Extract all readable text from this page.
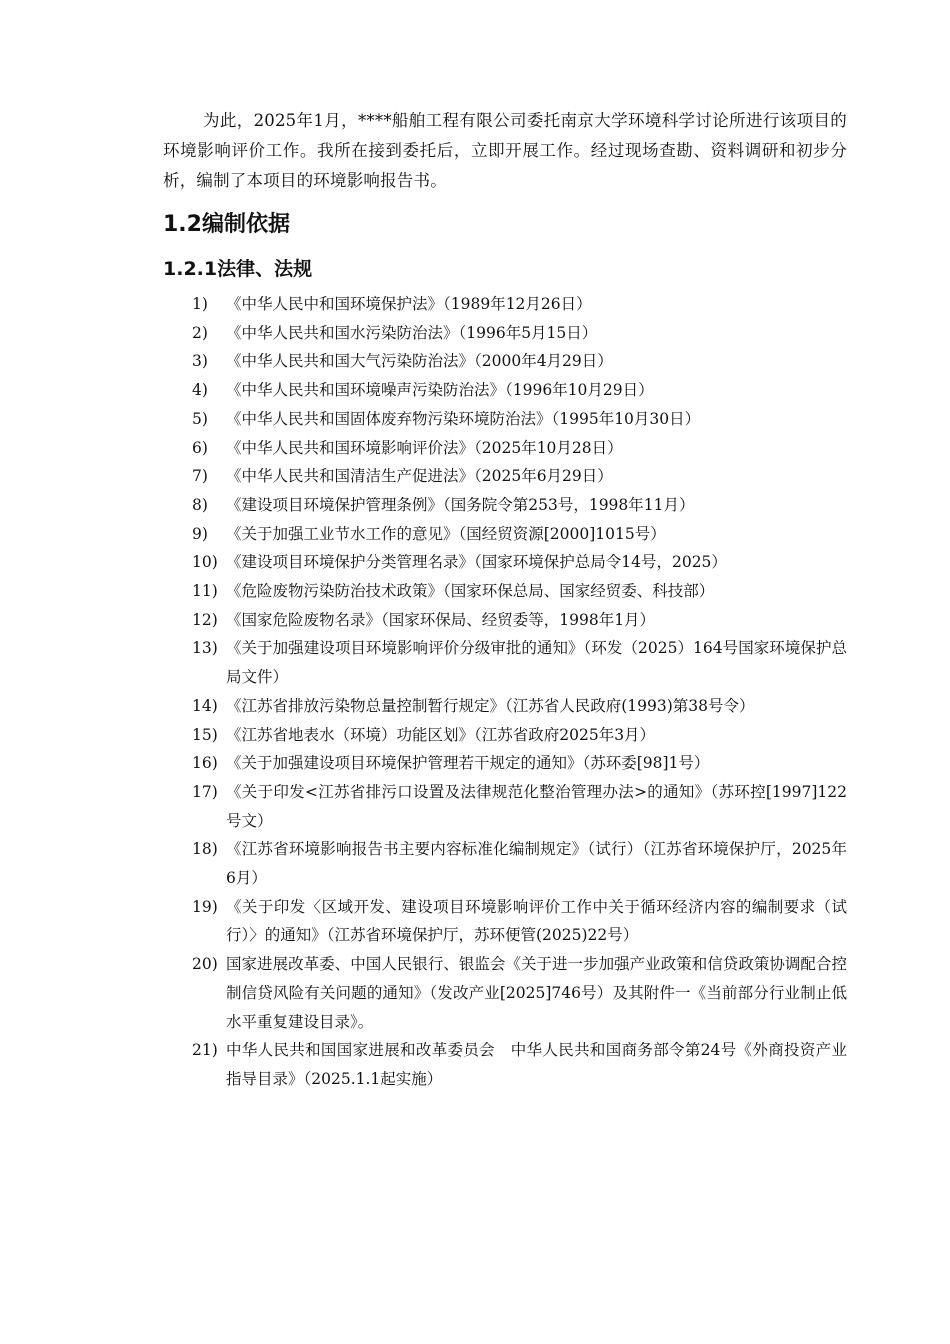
为此，2025年1月，****船舶工程有限公司委托南京大学环境科学讨论所进行该项目的环境影响评价工作。我所在接到委托后，立即开展工作。经过现场查勘、资料调研和初步分析，编制了本项目的环境影响报告书。

1.2编制依据
1.2.1法律、法规
1)	《中华人民中和国环境保护法》（1989年12月26日）
2)	《中华人民共和国水污染防治法》（1996年5月15日）
3)	《中华人民共和国大气污染防治法》（2000年4月29日）
4)	《中华人民共和国环境噪声污染防治法》（1996年10月29日）
5)	《中华人民共和国固体废弃物污染环境防治法》（1995年10月30日）
6)	《中华人民共和国环境影响评价法》（2025年10月28日）
7)	《中华人民共和国清洁生产促进法》（2025年6月29日）
8)	《建设项目环境保护管理条例》（国务院令第253号，1998年11月）
9)	《关于加强工业节水工作的意见》（国经贸资源[2000]1015号）
10) 《建设项目环境保护分类管理名录》（国家环境保护总局令14号，2025）
11) 《危险废物污染防治技术政策》（国家环保总局、国家经贸委、科技部）
12) 《国家危险废物名录》（国家环保局、经贸委等，1998年1月）
13) 《关于加强建设项目环境影响评价分级审批的通知》（环发（2025）164号国家环境保护总局文件）
14) 《江苏省排放污染物总量控制暂行规定》（江苏省人民政府(1993)第38号令）
15) 《江苏省地表水（环境）功能区划》（江苏省政府2025年3月）
16) 《关于加强建设项目环境保护管理若干规定的通知》（苏环委[98]1号）
17) 《关于印发<江苏省排污口设置及法律规范化整治管理办法>的通知》（苏环控[1997]122号文）
18) 《江苏省环境影响报告书主要内容标准化编制规定》（试行）（江苏省环境保护厅，2025年6月）
19) 《关于印发〈区域开发、建设项目环境影响评价工作中关于循环经济内容的编制要求（试行）〉的通知》（江苏省环境保护厅，苏环便管(2025)22号）
20) 国家进展改革委、中国人民银行、银监会《关于进一步加强产业政策和信贷政策协调配合控制信贷风险有关问题的通知》（发改产业[2025]746号）及其附件一《当前部分行业制止低水平重复建设目录》。
21) 中华人民共和国国家进展和改革委员会　中华人民共和国商务部令第24号《外商投资产业指导目录》（2025.1.1起实施）
